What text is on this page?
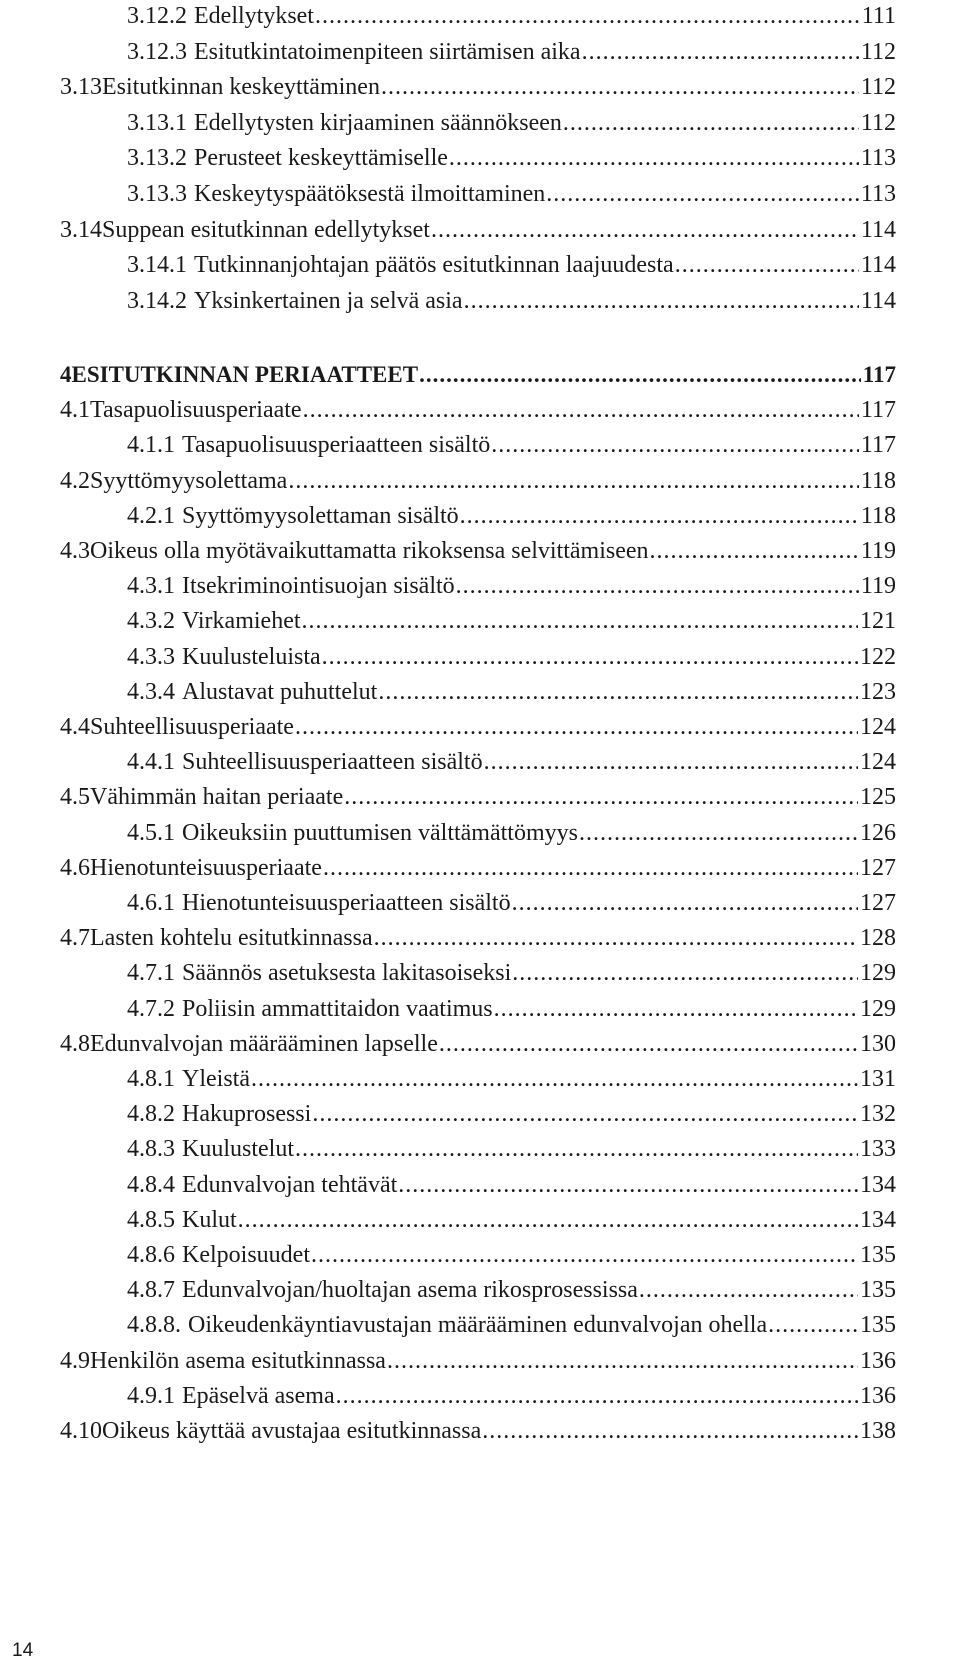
3.12.2 Edellytykset .....	111
3.12.3 Esitutkintatoimenpiteen siirtämisen aika .....	112
3.13 Esitutkinnan keskeyttäminen .....	112
3.13.1 Edellytysten kirjaaminen säännökseen .....	112
3.13.2 Perusteet keskeyttämiselle .....	113
3.13.3 Keskeytyspäätöksestä ilmoittaminen .....	113
3.14 Suppean esitutkinnan edellytykset .....	114
3.14.1 Tutkinnanjohtajan päätös esitutkinnan laajuudesta .....	114
3.14.2 Yksinkertainen ja selvä asia .....	114
4 ESITUTKINNAN PERIAATTEET .....	117
4.1 Tasapuolisuusperiaate .....	117
4.1.1 Tasapuolisuusperiaatteen sisältö .....	117
4.2 Syyttömyysolettama .....	118
4.2.1 Syyttömyysolettaman sisältö .....	118
4.3 Oikeus olla myötävaikuttamatta rikoksensa selvittämiseen .....	119
4.3.1 Itsekriminointisuojan sisältö .....	119
4.3.2 Virkamiehet .....	121
4.3.3 Kuulusteluista .....	122
4.3.4 Alustavat puhuttelut .....	123
4.4 Suhteellisuusperiaate .....	124
4.4.1 Suhteellisuusperiaatteen sisältö .....	124
4.5 Vähimmän haitan periaate .....	125
4.5.1 Oikeuksiin puuttumisen välttämättömyys .....	126
4.6 Hienotunteisuusperiaate .....	127
4.6.1 Hienotunteisuusperiaatteen sisältö .....	127
4.7 Lasten kohtelu esitutkinnassa .....	128
4.7.1 Säännös asetuksesta lakitasoiseksi .....	129
4.7.2 Poliisin ammattitaidon vaatimus .....	129
4.8 Edunvalvojan määrääminen lapselle .....	130
4.8.1 Yleistä .....	131
4.8.2 Hakuprosessi .....	132
4.8.3 Kuulustelut .....	133
4.8.4 Edunvalvojan tehtävät .....	134
4.8.5 Kulut .....	134
4.8.6 Kelpoisuudet .....	135
4.8.7 Edunvalvojan/huoltajan asema rikosprosessissa .....	135
4.8.8. Oikeudenkäyntiavustajan määrääminen edunvalvojan ohella .....	135
4.9 Henkilön asema esitutkinnassa .....	136
4.9.1 Epäselvä asema .....	136
4.10 Oikeus käyttää avustajaa esitutkinnassa .....	138
14
